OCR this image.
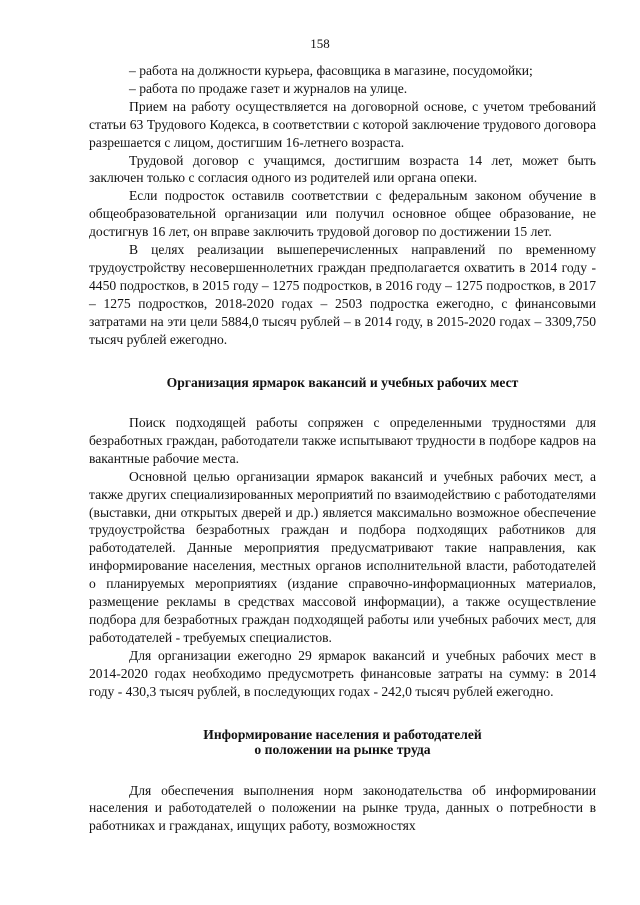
158

– работа на должности курьера, фасовщика в магазине, посудомойки;

– работа по продаже газет и журналов на улице.

Прием на работу осуществляется на договорной основе, с учетом требований статьи 63 Трудового Кодекса, в соответствии с которой заключение трудового договора разрешается с лицом, достигшим 16-летнего возраста.

Трудовой договор с учащимся, достигшим возраста 14 лет, может быть заключен только с согласия одного из родителей или органа опеки.

Если подросток оставилв соответствии с федеральным законом обучение в общеобразовательной организации или получил основное общее образование, не достигнув 16 лет, он вправе заключить трудовой договор по достижении 15 лет.

В целях реализации вышеперечисленных направлений по временному трудоустройству несовершеннолетних граждан предполагается охватить в 2014 году - 4450 подростков, в 2015 году – 1275 подростков, в 2016 году – 1275 подростков, в 2017 – 1275 подростков, 2018-2020 годах – 2503 подростка ежегодно, с финансовыми затратами на эти цели 5884,0 тысяч рублей – в 2014 году, в 2015-2020 годах – 3309,750 тысяч рублей ежегодно.

Организация ярмарок вакансий и учебных рабочих мест

Поиск подходящей работы сопряжен с определенными трудностями для безработных граждан, работодатели также испытывают трудности в подборе кадров на вакантные рабочие места.

Основной целью организации ярмарок вакансий и учебных рабочих мест, а также других специализированных мероприятий по взаимодействию с работодателями (выставки, дни открытых дверей и др.) является максимально возможное обеспечение трудоустройства безработных граждан и подбора подходящих работников для работодателей. Данные мероприятия предусматривают такие направления, как информирование населения, местных органов исполнительной власти, работодателей о планируемых мероприятиях (издание справочно-информационных материалов, размещение рекламы в средствах массовой информации), а также осуществление подбора для безработных граждан подходящей работы или учебных рабочих мест, для работодателей - требуемых специалистов.

Для организации ежегодно 29 ярмарок вакансий и учебных рабочих мест в 2014-2020 годах необходимо предусмотреть финансовые затраты на сумму: в 2014 году - 430,3 тысяч рублей, в последующих годах - 242,0 тысяч рублей ежегодно.

Информирование населения и работодателей
о положении на рынке труда

Для обеспечения выполнения норм законодательства об информировании населения и работодателей о положении на рынке труда, данных о потребности в работниках и гражданах, ищущих работу, возможностях
